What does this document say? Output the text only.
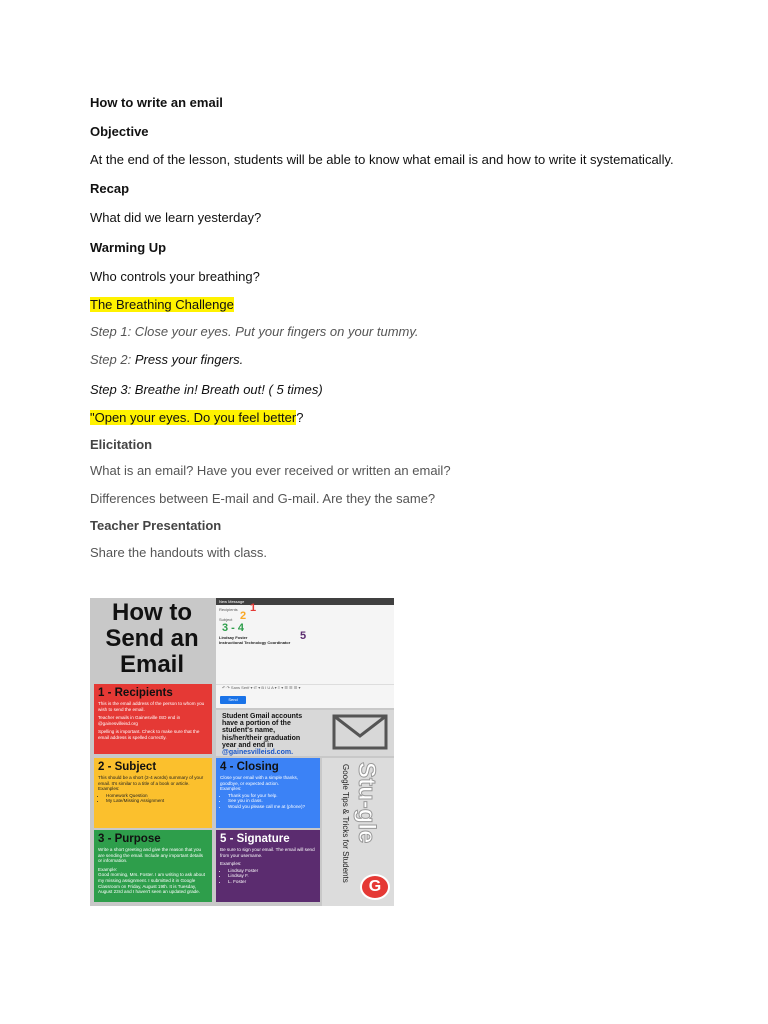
How to write an email
Objective
At the end of the lesson, students will be able to know what email is and how to write it systematically.
Recap
What did we learn yesterday?
Warming Up
Who controls your breathing?
The Breathing Challenge
Step 1: Close your eyes. Put your fingers on your tummy.
Step 2: Press your fingers.
Step 3: Breathe in! Breath out! ( 5 times)
"Open your eyes. Do you feel better?
Elicitation
What is an email? Have you ever received or written an email?
Differences between E-mail and G-mail. Are they the same?
Teacher Presentation
Share the handouts with class.
How to
Send an
Email
New Message
Recipients 1
Subject 2
3 - 4
Lindsay Foster
Instructional Technology Coordinator
5
↶ ↷ Sans Serif ▾ tT ▾ B I U A ▾ ≡ ▾ ☰ ☰ ☰ ▾
Send
1 - Recipients
This is the email address of the person to whom you wish to send the email.
Teacher emails in Gainesville ISD end in @gainesvilleisd.org
Spelling is important. Check to make sure that the email address is spelled correctly.
Student Gmail accounts
have a portion of the
student's name,
his/her/their graduation
year and end in
@gainesvilleisd.com.
2 - Subject
This should be a short (2-4 words) summary of your email. It's similar to a title of a book or article.
Examples:
• Homework Question
• My Late/Missing Assignment
4 - Closing
Close your email with a simple thanks, goodbye, or expected action.
Examples:
• Thank you for your help.
• See you in class.
• Would you please call me at (phone)?
3 - Purpose
Write a short greeting and give the reason that you are sending the email. Include any important details or information.
Example:
Good morning, Mrs. Foster. I am writing to ask about my missing assignment. I submitted it in Google Classroom on Friday, August 19th. It is Tuesday, August 23rd and I haven't seen an updated grade.
5 - Signature
Be sure to sign your email. The email will send from your username.
Examples:
• Lindsay Foster
• Lindsay F.
• L. Foster
Stu-gle
Google Tips & Tricks for Students
G
